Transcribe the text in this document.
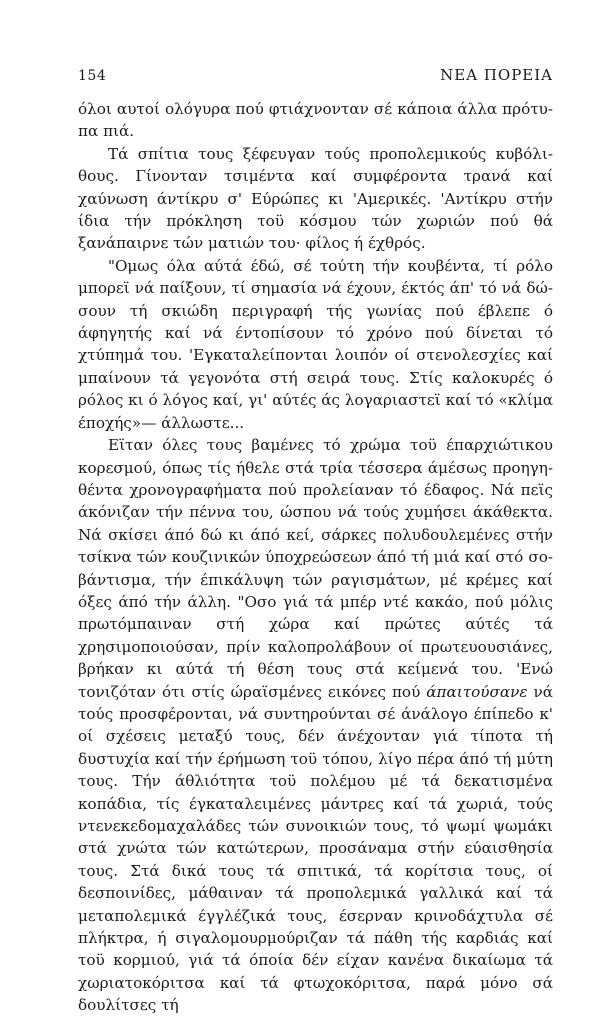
154	ΝΕΑ ΠΟΡΕΙΑ

όλοι αυτοί ολόγυρα πού φτιάχνονταν σέ κάποια άλλα πρότυπα πιά.

Τά σπίτια τους ξέφευγαν τούς προπολεμικούς κυβόλιθους. Γίνονταν τσιμέντα καί συμφέροντα τρανά καί χαύνωση άντίκρυ σ' Εύρώπες κι 'Αμερικές. 'Αντίκρυ στήν ίδια τήν πρόκληση τοϋ κόσμου τών χωριών πού θά ξανάπαιρνε τών ματιών του· φίλος ή έχθρός.

"Ομως όλα αύτά έδώ, σέ τούτη τήν κουβέντα, τί ρόλο μπορεϊ νά παίξουν, τί σημασία νά έχουν, έκτός άπ' τό νά δώσουν τή σκιώδη περιγραφή τής γωνίας πού έβλεπε ό άφηγητής καί νά έντοπίσουν τό χρόνο πού δίνεται τό χτύπημά του. 'Εγκαταλείπονται λοιπόν οί στενολεσχίες καί μπαίνουν τά γεγονότα στή σειρά τους. Στίς καλοκυρές ό ρόλος κι ό λόγος καί, γι' αύτές άς λογαριαστεϊ καί τό «κλίμα έποχής»— άλλωστε...

Εϊταν όλες τους βαμένες τό χρώμα τοϋ έπαρχιώτικου κορεσμού, όπως τίς ήθελε στά τρία τέσσερα άμέσως προηγηθέντα χρονογραφήματα πού προλείαναν τό έδαφος. Νά πεϊς άκόνιζαν τήν πέννα του, ώσπου νά τούς χυμήσει άκάθεκτα. Νά σκίσει άπό δώ κι άπό κεί, σάρκες πολυδουλεμένες στήν τσίκνα τών κουζινικών ύποχρεώσεων άπό τή μιά καί στό σοβάντισμα, τήν έπικάλυψη τών ραγισμάτων, μέ κρέμες καί όξες άπό τήν άλλη. "Οσο γιά τά μπέρ ντέ κακάο, πού μόλις πρωτόμπαιναν στή χώρα καί πρώτες αύτές τά χρησιμοποιούσαν, πρίν καλοπρολάβουν οί πρωτευουσιάνες, βρήκαν κι αύτά τή θέση τους στά κείμενά του. 'Ενώ τονιζόταν ότι στίς ώραϊσμένες εικόνες πού άπαιτούσανε νά τούς προσφέρονται, νά συντηρούνται σέ άνάλογο έπίπεδο κ' οί σχέσεις μεταξύ τους, δέν άνέχονταν γιά τίποτα τή δυστυχία καί τήν έρήμωση τοϋ τόπου, λίγο πέρα άπό τή μύτη τους. Τήν άθλιότητα τοϋ πολέμου μέ τά δεκατισμένα κοπάδια, τίς έγκαταλειμένες μάντρες καί τά χωριά, τούς ντενεκεδομαχαλάδες τών συνοικιών τους, τό ψωμί ψωμάκι στά χνώτα τών κατώτερων, προσάναμα στήν εύαισθησία τους. Στά δικά τους τά σπιτικά, τά κορίτσια τους, οί δεσποινίδες, μάθαιναν τά προπολεμικά γαλλικά καί τά μεταπολεμικά έγγλέζικά τους, έσερναν κρινοδάχτυλα σέ πλήκτρα, ή σιγαλομουρμούριζαν τά πάθη τής καρδιάς καί τοϋ κορμιού, γιά τά όποία δέν είχαν κανένα δικαίωμα τά χωριατοκόριτσα καί τά φτωχοκόριτσα, παρά μόνο σά δουλίτσες τή
